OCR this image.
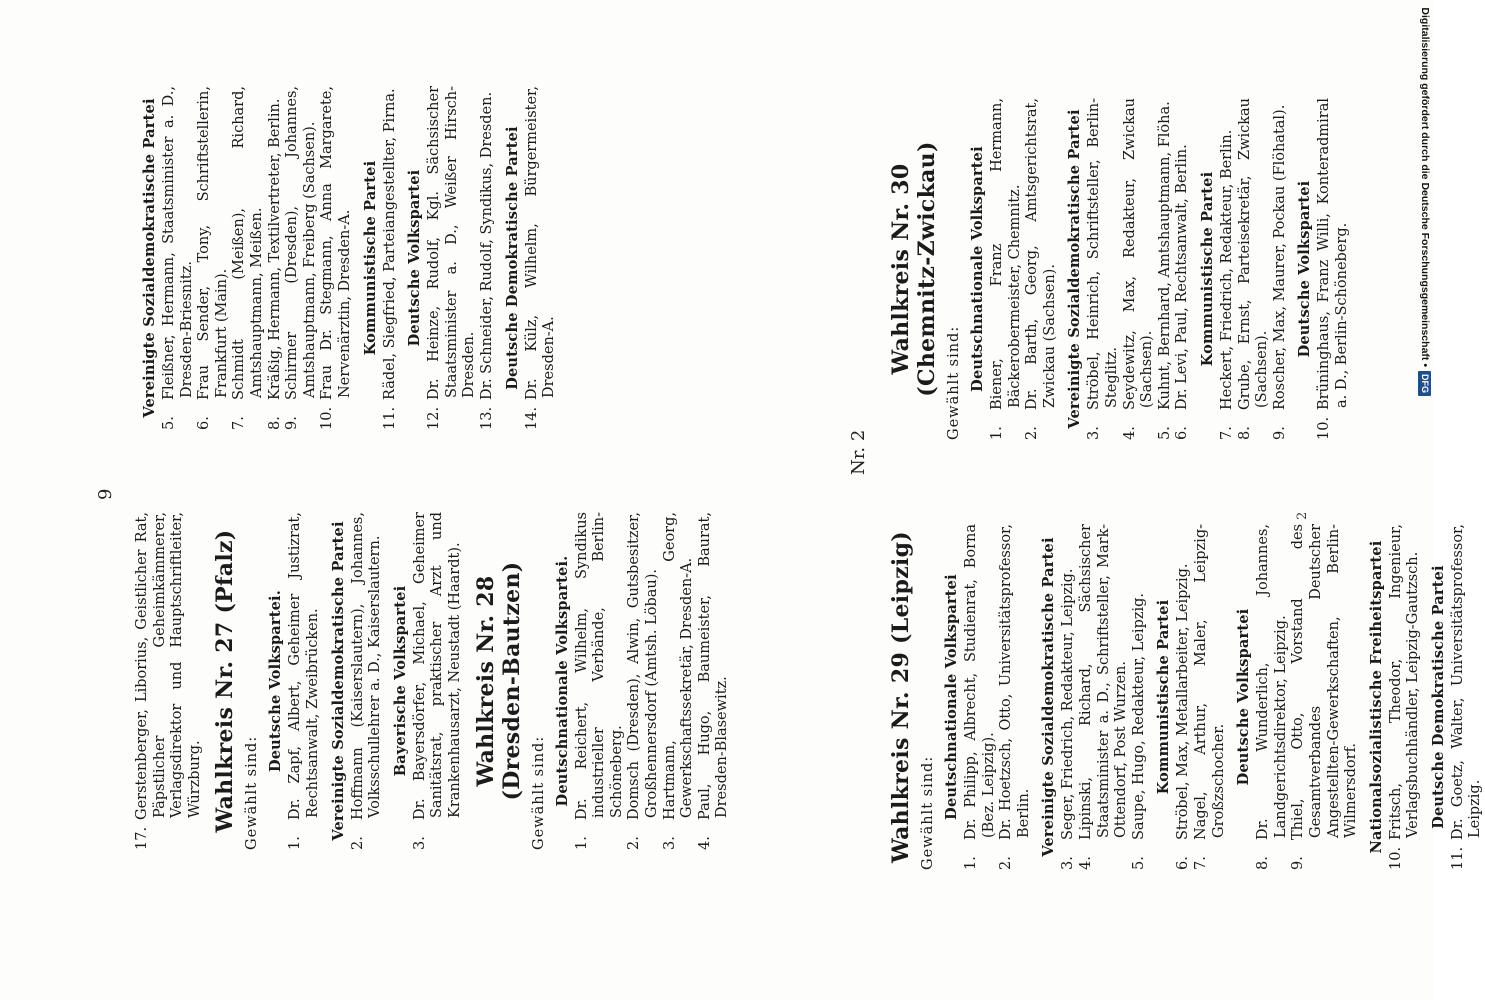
9
Nr. 2

17.Gerstenberger, Liborius, Geistlicher Rat, Päpstlicher Geheimkämmerer, Verlagsdirektor und Hauptschriftleiter, Würzburg. Wahlkreis Nr. 27 (Pfalz) Gewählt sind:

Deutsche Volkspartei.

1.Dr. Zapf, Albert, Geheimer Justizrat, Rechtsanwalt, Zweibrücken. Vereinigte Sozialdemokratische Partei

2.Hoffmann (Kaiserslautern), Johannes, Volksschullehrer a. D., Kaiserslautern. Bayerische Volkspartei

3.Dr. Bayersdörfer, Michael, Geheimer Sanitätsrat, praktischer Arzt und Krankenhausarzt, Neustadt (Haardt). Wahlkreis Nr. 28 (Dresden-Bautzen) Gewählt sind: Deutschnationale Volkspartei.

1.Dr. Reichert, Wilhelm, Syndikus industrieller Verbände, Berlin-Schöneberg.

2.Domsch (Dresden), Alwin, Gutsbesitzer, Großhennersdorf (Amtsh. Löbau).

3.Hartmann, Georg, Gewerkschaftssekretär, Dresden-A.

4.Paul, Hugo, Baumeister, Baurat, Dresden-Blasewitz.

Vereinigte Sozialdemokratische Partei

5.Fleißner, Hermann, Staatsminister a. D., Dresden-Briesnitz.

6.Frau Sender, Tony, Schriftstellerin, Frankfurt (Main).

7.Schmidt (Meißen), Richard, Amtshauptmann, Meißen.

8.Kräßig, Hermann, Textilvertreter, Berlin.

9.Schirmer (Dresden), Johannes, Amtshauptmann, Freiberg (Sachsen).

10.Frau Dr. Stegmann, Anna Margarete, Nervenärztin, Dresden-A. Kommunistische Partei

11.Rädel, Siegfried, Parteiangestellter, Pirna. Deutsche Volkspartei

12.Dr. Heinze, Rudolf, Kgl. Sächsischer Staatsminister a. D., Weißer Hirsch-Dresden.

13.Dr. Schneider, Rudolf, Syndikus, Dresden. Deutsche Demokratische Partei

14.Dr. Külz, Wilhelm, Bürgermeister, Dresden-A.

Wahlkreis Nr. 29 (Leipzig) Gewählt sind: Deutschnationale Volkspartei

1.Dr. Philipp, Albrecht, Studienrat, Borna (Bez. Leipzig).

2.Dr. Hoetzsch, Otto, Universitätsprofessor, Berlin. Vereinigte Sozialdemokratische Partei

3.Seger, Friedrich, Redakteur, Leipzig.

4.Lipinski, Richard, Sächsischer Staatsminister a. D., Schriftsteller, Mark-Ottendorf, Post Wurzen.

5.Saupe, Hugo, Redakteur, Leipzig. Kommunistische Partei

6.Ströbel, Max, Metallarbeiter, Leipzig.

7.Nagel, Arthur, Maler, Leipzig-Großzschocher. Deutsche Volkspartei

8.Dr. Wunderlich, Johannes, Landgerichtsdirektor, Leipzig.

9.Thiel, Otto, Vorstand des Gesamtverbandes Deutscher Angestellten-Gewerkschaften, Berlin-Wilmersdorf. Nationalsozialistische Freiheitspartei

10.Fritsch, Theodor, Ingenieur, Verlagsbuchhändler, Leipzig-Gautzsch. Deutsche Demokratische Partei

11.Dr. Goetz, Walter, Universitätsprofessor, Leipzig.

Wahlkreis Nr. 30 (Chemnitz-Zwickau) Gewählt sind: Deutschnationale Volkspartei

1.Biener, Franz Hermann, Bäckerobermeister, Chemnitz.

2.Dr. Barth, Georg, Amtsgerichtsrat, Zwickau (Sachsen). Vereinigte Sozialdemokratische Partei

3.Ströbel, Heinrich, Schriftsteller, Berlin-Steglitz.

4.Seydewitz, Max, Redakteur, Zwickau (Sachsen).

5.Kuhnt, Bernhard, Amtshauptmann, Flöha.

6.Dr. Levi, Paul, Rechtsanwalt, Berlin. Kommunistische Partei

7.Heckert, Friedrich, Redakteur, Berlin.

8.Grube, Ernst, Parteisekretär, Zwickau (Sachsen).

9.Roscher, Max, Maurer, Pockau (Flöhatal). Deutsche Volkspartei

10.Brüninghaus, Franz Willi, Konteradmiral a. D., Berlin-Schöneberg.

2
Digitalisierung gefördert durch die Deutsche Forschungsgemeinschaft •
DFG
